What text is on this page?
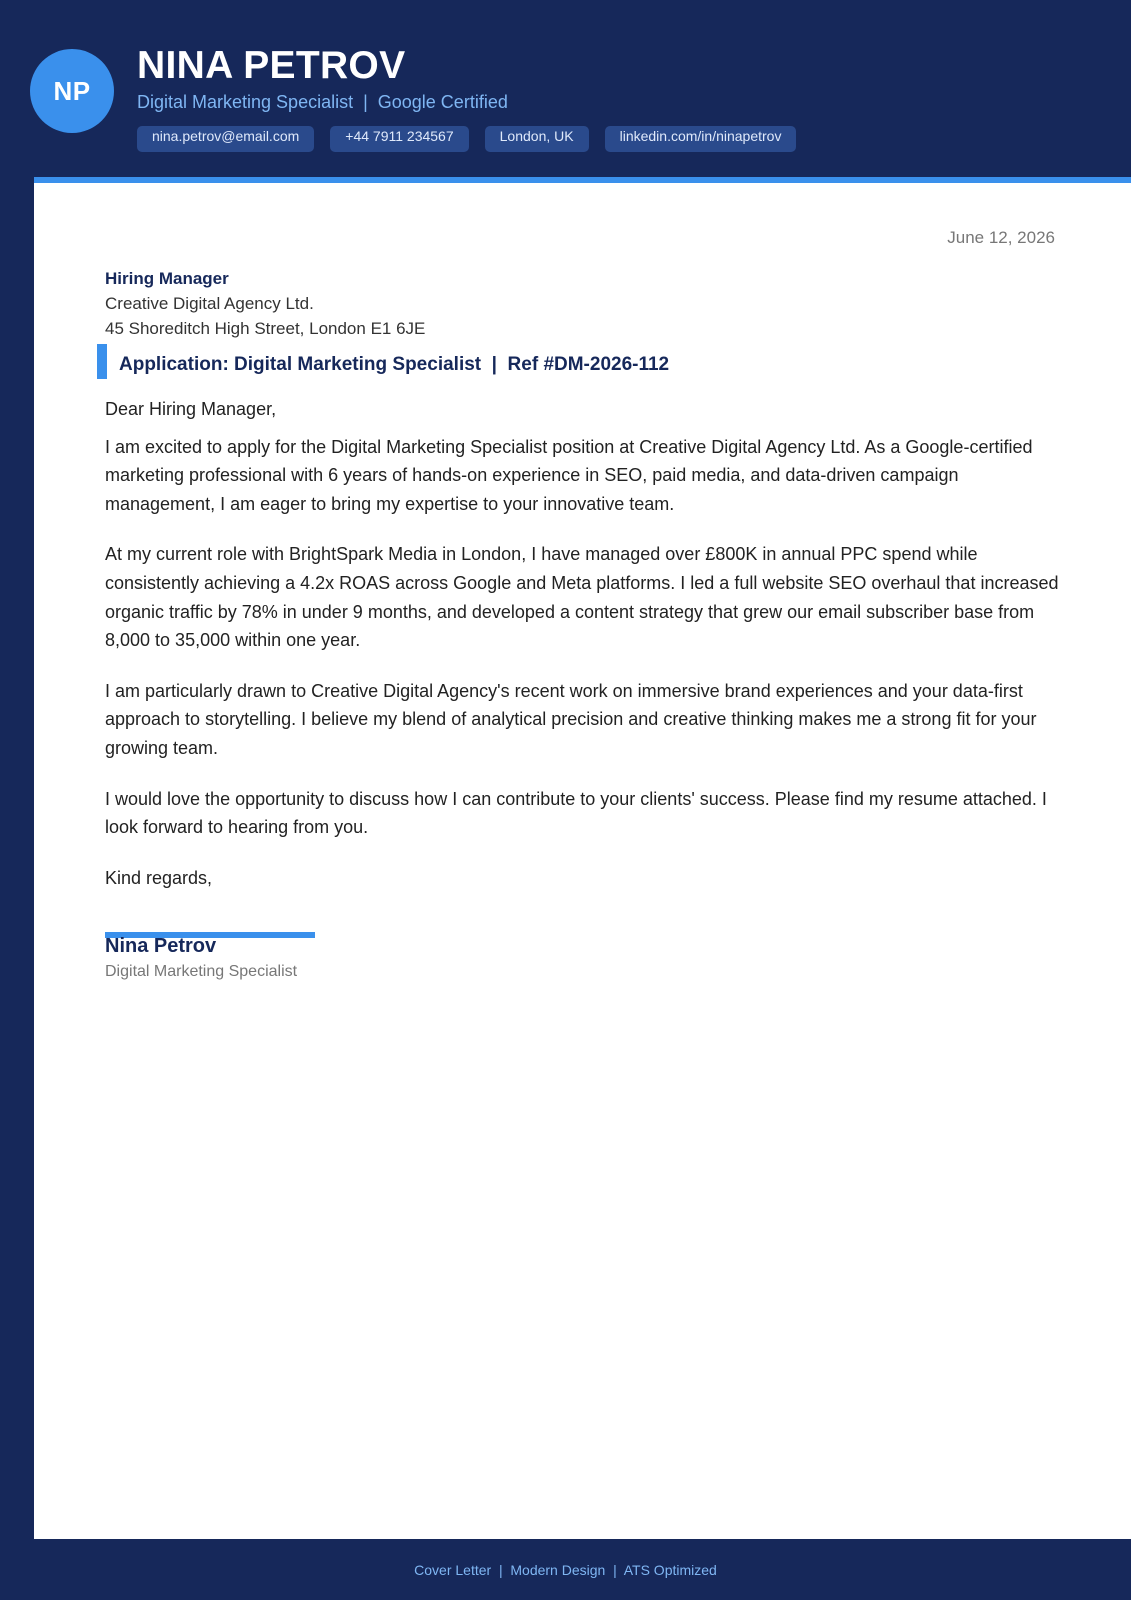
NP
NINA PETROV
Digital Marketing Specialist  |  Google Certified
nina.petrov@email.com	+44 7911 234567	London, UK	linkedin.com/in/ninapetrov
June 12, 2026
Hiring Manager
Creative Digital Agency Ltd.
45 Shoreditch High Street, London E1 6JE
Application: Digital Marketing Specialist  |  Ref #DM-2026-112

Dear Hiring Manager,

I am excited to apply for the Digital Marketing Specialist position at Creative Digital Agency Ltd. As a Google-certified marketing professional with 6 years of hands-on experience in SEO, paid media, and data-driven campaign management, I am eager to bring my expertise to your innovative team.

At my current role with BrightSpark Media in London, I have managed over £800K in annual PPC spend while consistently achieving a 4.2x ROAS across Google and Meta platforms. I led a full website SEO overhaul that increased organic traffic by 78% in under 9 months, and developed a content strategy that grew our email subscriber base from 8,000 to 35,000 within one year.

I am particularly drawn to Creative Digital Agency's recent work on immersive brand experiences and your data-first approach to storytelling. I believe my blend of analytical precision and creative thinking makes me a strong fit for your growing team.

I would love the opportunity to discuss how I can contribute to your clients' success. Please find my resume attached. I look forward to hearing from you.

Kind regards,

Nina Petrov
Digital Marketing Specialist
Cover Letter  |  Modern Design  |  ATS Optimized
